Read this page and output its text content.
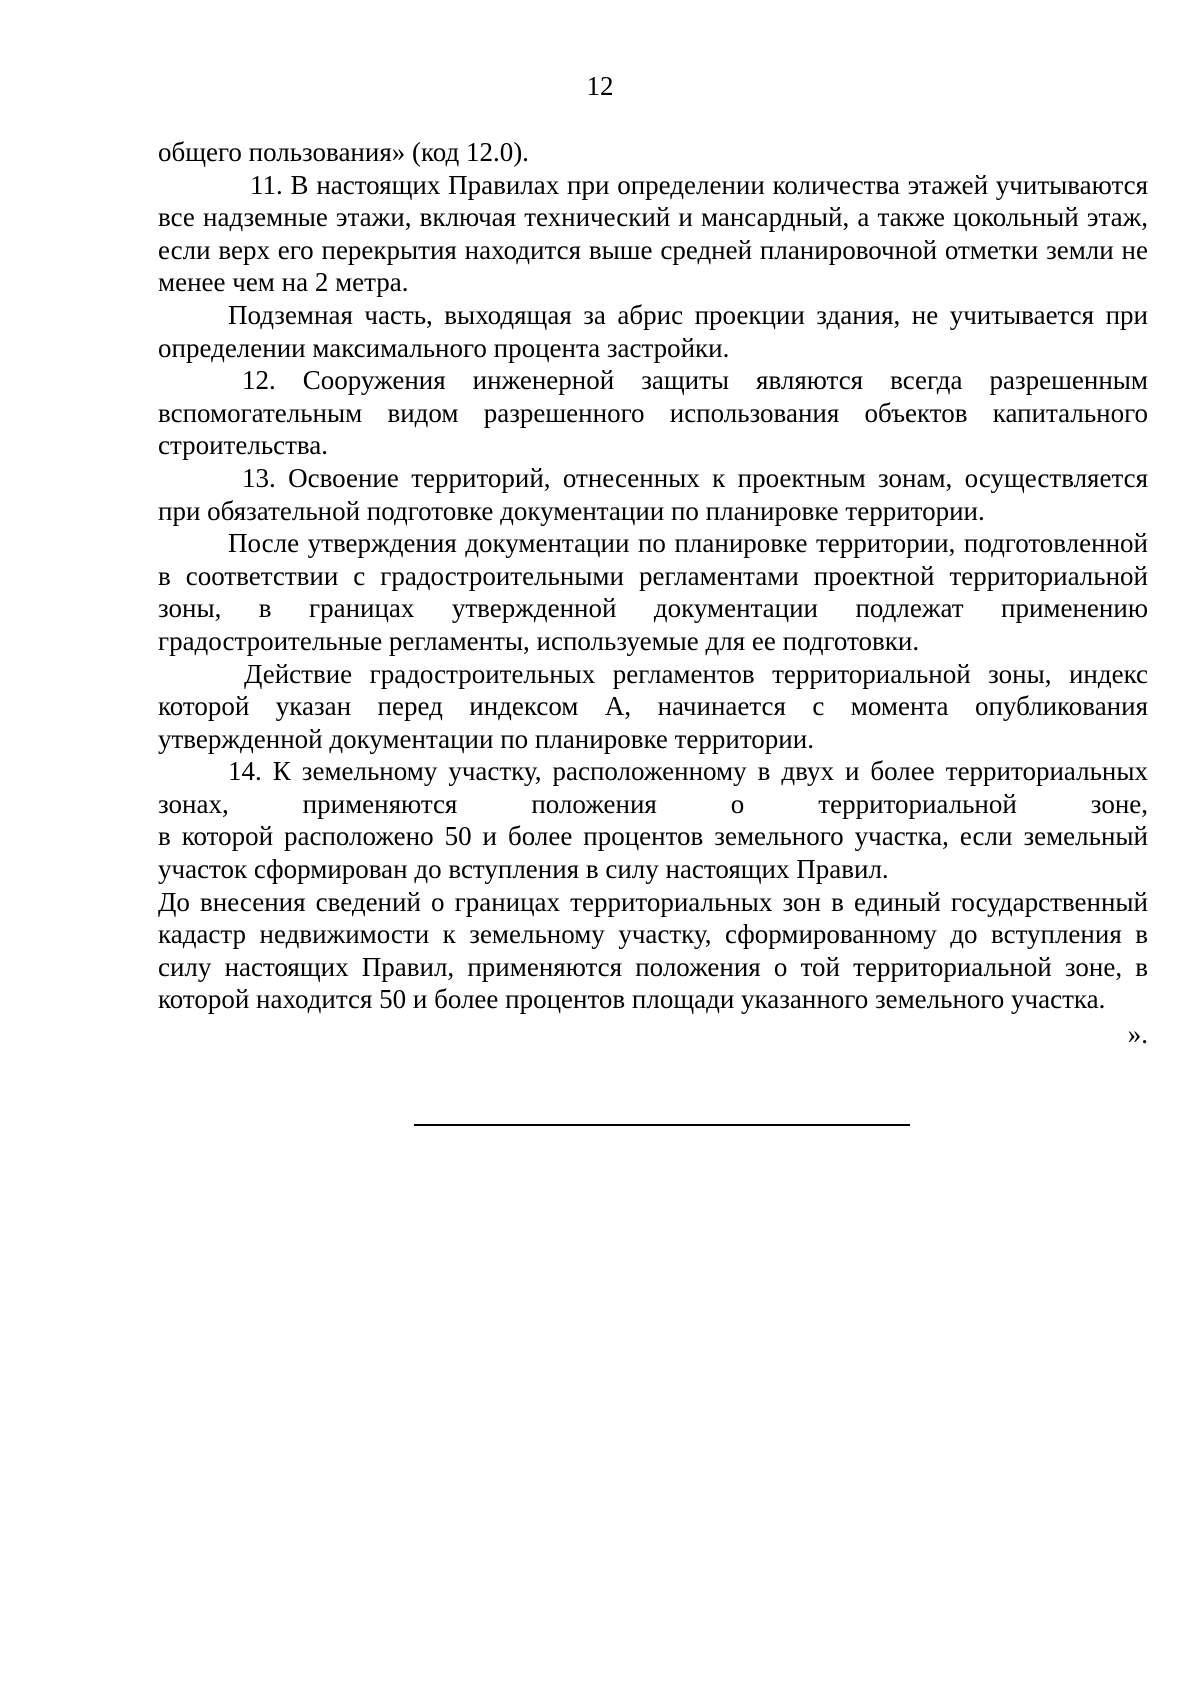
12

общего пользования» (код 12.0).

11. В настоящих Правилах при определении количества этажей учитываются все надземные этажи, включая технический и мансардный, а также цокольный этаж, если верх его перекрытия находится выше средней планировочной отметки земли не менее чем на 2 метра.

Подземная часть, выходящая за абрис проекции здания, не учитывается при определении максимального процента застройки.

12. Сооружения инженерной защиты являются всегда разрешенным вспомогательным видом разрешенного использования объектов капитального строительства.

13. Освоение территорий, отнесенных к проектным зонам, осуществляется при обязательной подготовке документации по планировке территории.

После утверждения документации по планировке территории, подготовленной в соответствии с градостроительными регламентами проектной территориальной зоны, в границах утвержденной документации подлежат применению градостроительные регламенты, используемые для ее подготовки.

Действие градостроительных регламентов территориальной зоны, индекс которой указан перед индексом А, начинается с момента опубликования утвержденной документации по планировке территории.

14. К земельному участку, расположенному в двух и более территориальных зонах, применяются положения о территориальной зоне,

в которой расположено 50 и более процентов земельного участка, если земельный участок сформирован до вступления в силу настоящих Правил.

До внесения сведений о границах территориальных зон в единый государственный кадастр недвижимости к земельному участку, сформированному до вступления в силу настоящих Правил, применяются положения о той территориальной зоне, в которой находится 50 и более процентов площади указанного земельного участка.

».
